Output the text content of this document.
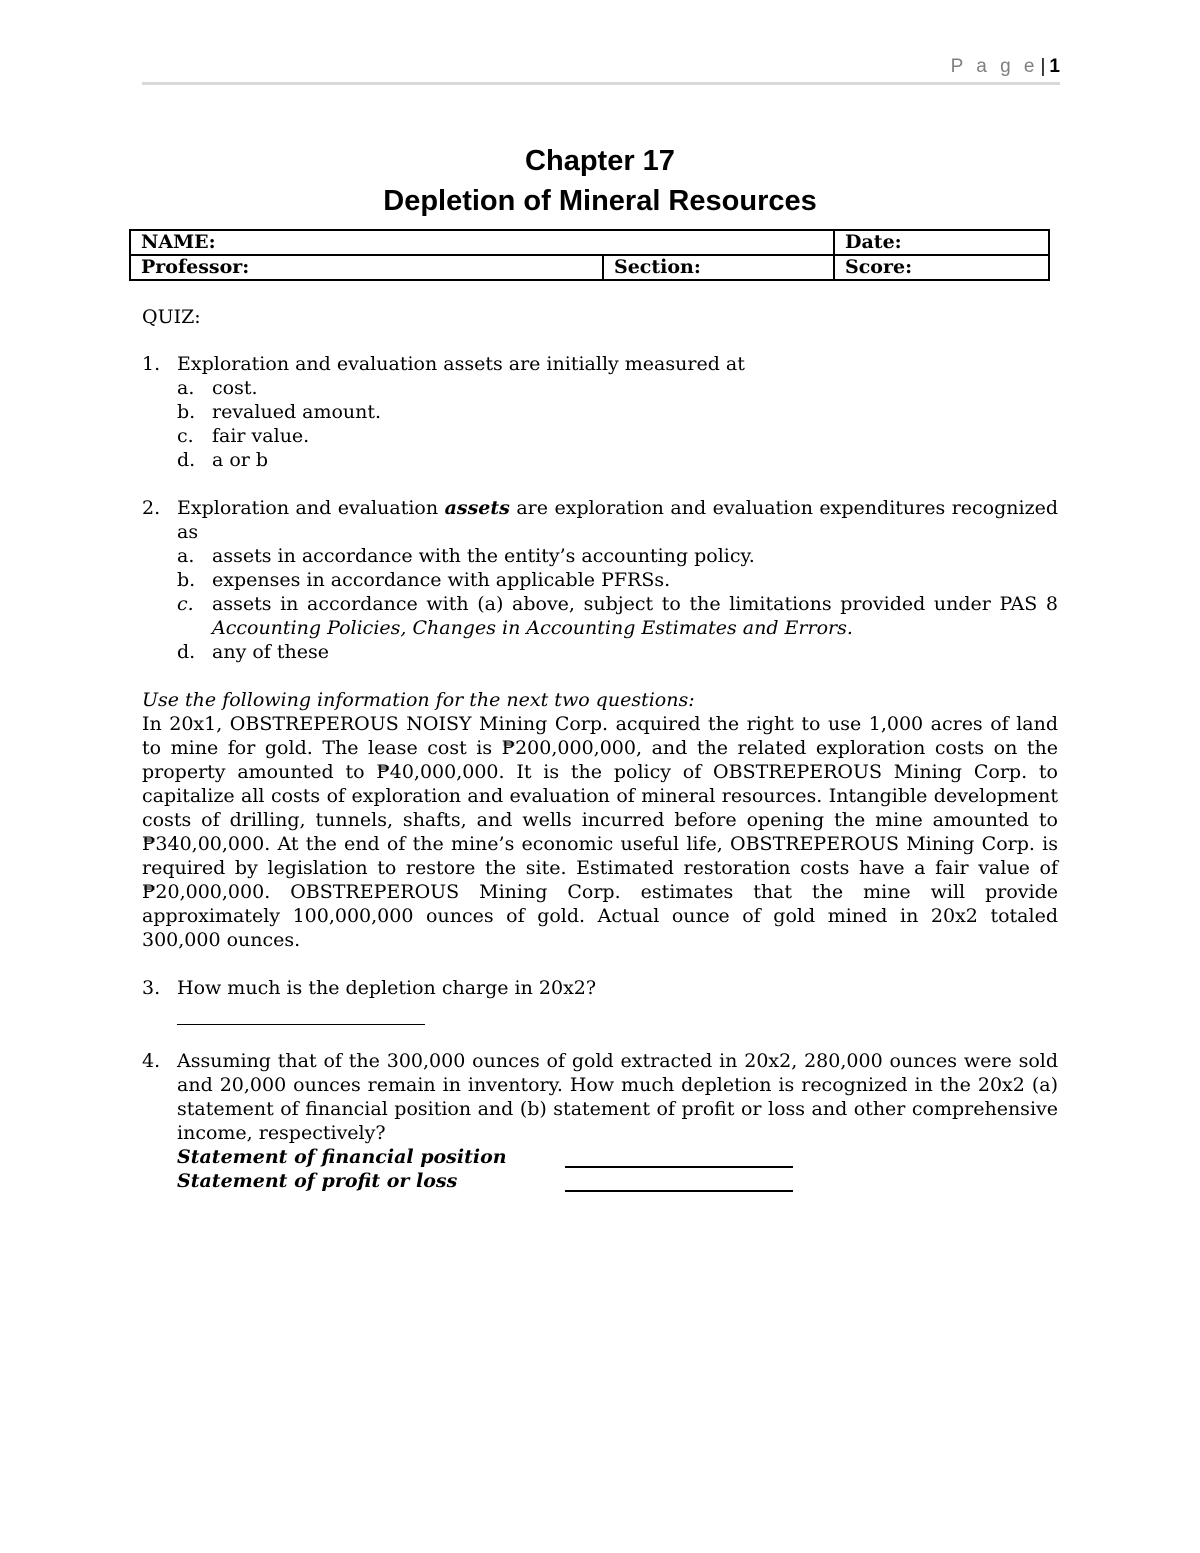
P a g e | 1
Chapter 17
Depletion of Mineral Resources
NAME:		Date:
Professor:	Section:	Score:
QUIZ:
1. Exploration and evaluation assets are initially measured at
a. cost.
b. revalued amount.
c. fair value.
d. a or b
2. Exploration and evaluation assets are exploration and evaluation expenditures recognized as
a. assets in accordance with the entity’s accounting policy.
b. expenses in accordance with applicable PFRSs.
c. assets in accordance with (a) above, subject to the limitations provided under PAS 8 Accounting Policies, Changes in Accounting Estimates and Errors.
d. any of these
Use the following information for the next two questions:
In 20x1, OBSTREPEROUS NOISY Mining Corp. acquired the right to use 1,000 acres of land to mine for gold. The lease cost is ₱200,000,000, and the related exploration costs on the property amounted to ₱40,000,000. It is the policy of OBSTREPEROUS Mining Corp. to capitalize all costs of exploration and evaluation of mineral resources. Intangible development costs of drilling, tunnels, shafts, and wells incurred before opening the mine amounted to ₱340,00,000. At the end of the mine’s economic useful life, OBSTREPEROUS Mining Corp. is required by legislation to restore the site. Estimated restoration costs have a fair value of ₱20,000,000. OBSTREPEROUS Mining Corp. estimates that the mine will provide approximately 100,000,000 ounces of gold. Actual ounce of gold mined in 20x2 totaled 300,000 ounces.
3. How much is the depletion charge in 20x2?
4. Assuming that of the 300,000 ounces of gold extracted in 20x2, 280,000 ounces were sold and 20,000 ounces remain in inventory. How much depletion is recognized in the 20x2 (a) statement of financial position and (b) statement of profit or loss and other comprehensive income, respectively?
Statement of financial position
Statement of profit or loss
